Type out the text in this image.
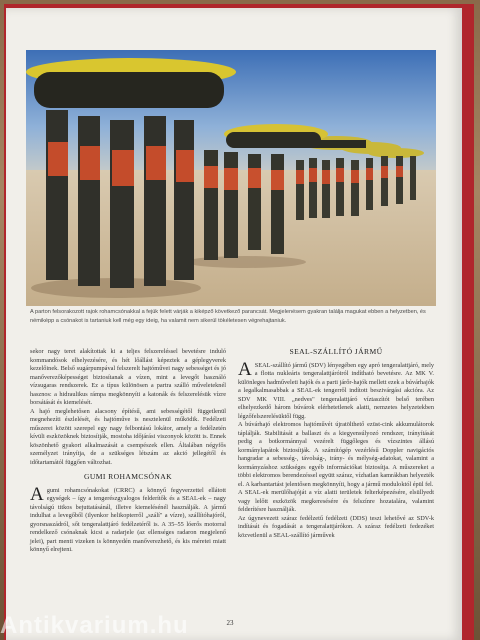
A parton felsorakozott rajok rohamcsónakkal a fejük felett várják a kiképző következő parancsát. Megjelenésem gyakran találja magukat ebben a helyzetben, és némiképp a csónakot is tartaniuk kell még egy ideig, ha valamit nem sikerül tökéletesen végrehajtaniuk.

sekor nagy teret alakítottak ki a teljes felszereléssel bevetésre induló kommandósok elhelyezésére, és hét lőállást képeztek a géplegyverek kezelőinek. Belső sugárpumpával felszerelt hajtóművei nagy sebességet és jó manőverezőképességet biztosítanak a vízen, mint a levegőt használó vízsugaras rendszerek. Ez a típus különösen a partra szálló műveleteknél hasznos: a hidraulikus rámpa megkönnyíti a katonák és felszerelésük vízre borsátását és kiemelését.

A hajó meglehetősen alacsony építésű, ami sebességétől függetlenül megnehezíti észlelését, és hajtóműve is nesztelenül működik. Fedélzeti műszerei között szerepel egy nagy felbontású lokátor, amely a fedélzetén kívüli eszközöknek biztosítják, mostoha időjárási viszonyok között is. Ennek köszönhető gyakori alkalmazását a csempészek ellen. Általában négyfős személyzet irányítja, de a szükséges létszám az akció jellegétől és időtartamától függően változhat.

GUMI ROHAMCSÓNAK

Agumi rohamcsónakokat (CRRC) a könnyű fegyverzettel ellátott egységek – így a tengerészgyalogos felderítők és a SEAL-ek – nagy távolságú titkos bejuttatásánál, illetve kiemelésénél használják. A jármű indulhat a levegőből (ilyenkor helikopterről „szálí" a vízre), szállítóhajóról, gyorsnaszádról, sőt tengeralattjáró fedélzetéről is. A 35–55 lóerős motorral rendelkező csónaknak kicsi a radarjele (az ellenséges radaron megjelenő jelei), part menti vizeken is könnyedén manőverezhető, és kis méretei miatt könnyű elrejteni.

SEAL-SZÁLLÍTÓ JÁRMŰ

ASEAL-szállító jármű (SDV) lényegében egy apró tengeralattjáró, mely a flotta nukleáris tengeralattjáróiról indítható bevetésre. Az MK V. különleges hadműveleti hajók és a parti járőr-hajók mellett ezek a búvárhajók a legalkalmasabbak a SEAL-ek tengerről indított beszivárgási akcióra. Az SDV MK VIII. „nedves" tengeralattjáró víztaszítót belső terében elhelyezkedő három búvárok elérhetetlenek alatti, nemzetes helyzetekben légzőfelszerelésüktől függ.

A búvárhajó elektromos hajtóművét újratölthető ezüst-cink akkumulátorok táplálják. Stabilitását a ballaszt és a kiegyensúlyozó rendszer, irányítását pedig a botkormánnyal vezérelt függőleges és vízszintes állású kormánylapátok biztosítják. A számítógép vezérlésű Doppler navigációs hangradar a sebesség-, távolság-, irány- és mélység-adatokat, valamint a kormányzáshoz szükséges egyéb információkat biztosítja. A műszereket a többi elektromos berendezéssel együtt száraz, vízhatlan kamrákban helyezték el. A karbantartást jelentősen megkönnyíti, hogy a jármű moduloktól épül fel.

A SEAL-ek merülőhajóját a víz alatti területek felterképezésére, elsüllyedt vagy lelőtt eszközök megkeresésére és felszínre hozatalára, valamint felderítésre használják.

Az úgynevezett száraz fedélzetű fedélzeti (DDS) teszi lehetővé az SDV-k indítását és fogadását a tengeralattjárókon. A száraz fedélzeti fedezéket közvetlenül a SEAL-szállító járművek

23
Antikvarium.hu
